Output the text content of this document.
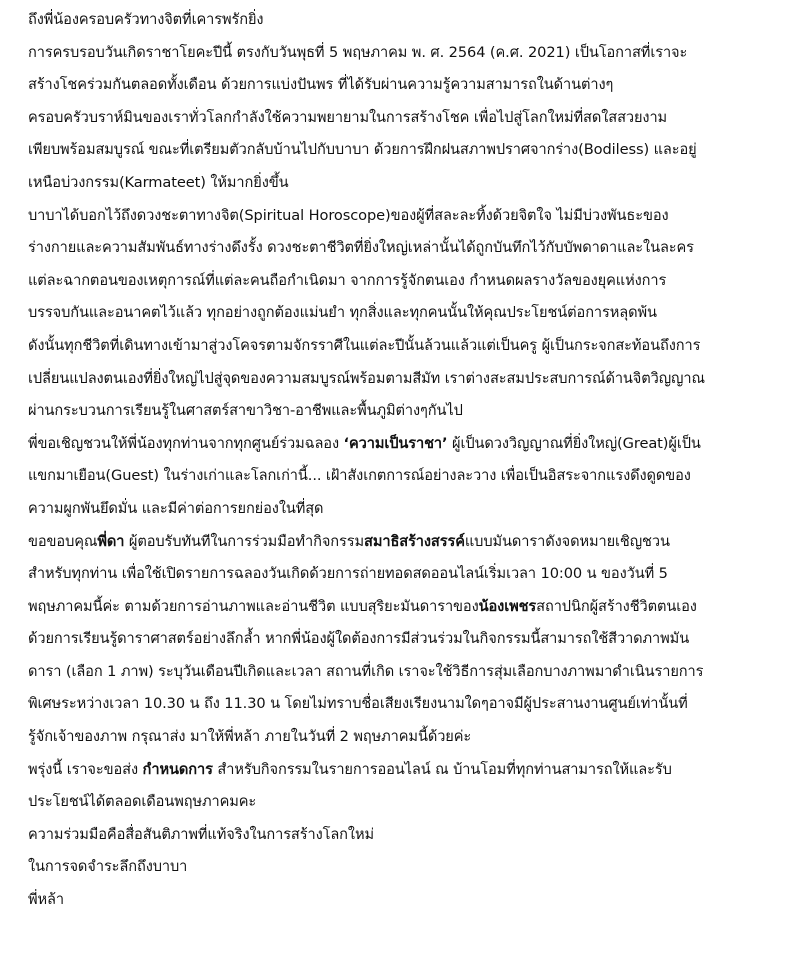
ถึงพี่น้องครอบครัวทางจิตที่เคารพรักยิ่ง
การครบรอบวันเกิดราชาโยคะปีนี้ ตรงกับวันพุธที่ 5 พฤษภาคม พ. ศ. 2564 (ค.ศ. 2021) เป็นโอกาสที่เราจะ
สร้างโชคร่วมกันตลอดทั้งเดือน ด้วยการแบ่งปันพร ที่ได้รับผ่านความรู้ความสามารถในด้านต่างๆ
ครอบครัวบราห์มินของเราทั่วโลกกำลังใช้ความพยายามในการสร้างโชค เพื่อไปสู่โลกใหม่ที่สดใสสวยงาม
เพียบพร้อมสมบูรณ์ ขณะที่เตรียมตัวกลับบ้านไปกับบาบา ด้วยการฝึกฝนสภาพปราศจากร่าง(Bodiless) และอยู่
เหนือบ่วงกรรม(Karmateet) ให้มากยิ่งขึ้น
บาบาได้บอกไว้ถึงดวงชะตาทางจิต(Spiritual Horoscope)ของผู้ที่สละละทิ้งด้วยจิตใจ ไม่มีบ่วงพันธะของ
ร่างกายและความสัมพันธ์ทางร่างดึงรั้ง ดวงชะตาชีวิตที่ยิ่งใหญ่เหล่านั้นได้ถูกบันทึกไว้กับบัพดาดาและในละคร
แต่ละฉากตอนของเหตุการณ์ที่แต่ละคนถือกำเนิดมา จากการรู้จักตนเอง กำหนดผลรางวัลของยุคแห่งการ
บรรจบกันและอนาคตไว้แล้ว ทุกอย่างถูกต้องแม่นยำ ทุกสิ่งและทุกคนนั้นให้คุณประโยชน์ต่อการหลุดพ้น
ดังนั้นทุกชีวิตที่เดินทางเข้ามาสู่วงโคจรตามจักรราศีในแต่ละปีนั้นล้วนแล้วแต่เป็นครู ผู้เป็นกระจกสะท้อนถึงการ
เปลี่ยนแปลงตนเองที่ยิ่งใหญ่ไปสู่จุดของความสมบูรณ์พร้อมตามสีมัท เราต่างสะสมประสบการณ์ด้านจิตวิญญาณ
ผ่านกระบวนการเรียนรู้ในศาสตร์สาขาวิชา-อาชีพและพื้นภูมิต่างๆกันไป
พี่ขอเชิญชวนให้พี่น้องทุกท่านจากทุกศูนย์ร่วมฉลอง ‘ความเป็นราชา’ ผู้เป็นดวงวิญญาณที่ยิ่งใหญ่(Great)ผู้เป็น
แขกมาเยือน(Guest) ในร่างเก่าและโลกเก่านี้... เฝ้าสังเกตการณ์อย่างละวาง เพื่อเป็นอิสระจากแรงดึงดูดของ
ความผูกพันยึดมั่น และมีค่าต่อการยกย่องในที่สุด
ขอขอบคุณพี่ดา ผู้ตอบรับทันทีในการร่วมมือทำกิจกรรมสมาธิสร้างสรรค์แบบมันดาราดังจดหมายเชิญชวน
สำหรับทุกท่าน เพื่อใช้เปิดรายการฉลองวันเกิดด้วยการถ่ายทอดสดออนไลน์เริ่มเวลา 10:00 น ของวันที่ 5
พฤษภาคมนี้ค่ะ ตามด้วยการอ่านภาพและอ่านชีวิต แบบสุริยะมันดาราของน้องเพชรสถาปนิกผู้สร้างชีวิตตนเอง
ด้วยการเรียนรู้ดาราศาสตร์อย่างลึกล้ำ หากพี่น้องผู้ใดต้องการมีส่วนร่วมในกิจกรรมนี้สามารถใช้สีวาดภาพมัน
ดารา (เลือก 1 ภาพ) ระบุวันเดือนปีเกิดและเวลา สถานที่เกิด เราจะใช้วิธีการสุ่มเลือกบางภาพมาดำเนินรายการ
พิเศษระหว่างเวลา 10.30 น ถึง 11.30 น โดยไม่ทราบชื่อเสียงเรียงนามใดๆอาจมีผู้ประสานงานศูนย์เท่านั้นที่
รู้จักเจ้าของภาพ กรุณาส่ง มาให้พี่หล้า ภายในวันที่ 2 พฤษภาคมนี้ด้วยค่ะ
พรุ่งนี้ เราจะขอส่ง กำหนดการ สำหรับกิจกรรมในรายการออนไลน์ ณ บ้านโอมที่ทุกท่านสามารถให้และรับ
ประโยชน์ได้ตลอดเดือนพฤษภาคมคะ
ความร่วมมือคือสื่อสันติภาพที่แท้จริงในการสร้างโลกใหม่
ในการจดจำระลึกถึงบาบา
พี่หล้า
